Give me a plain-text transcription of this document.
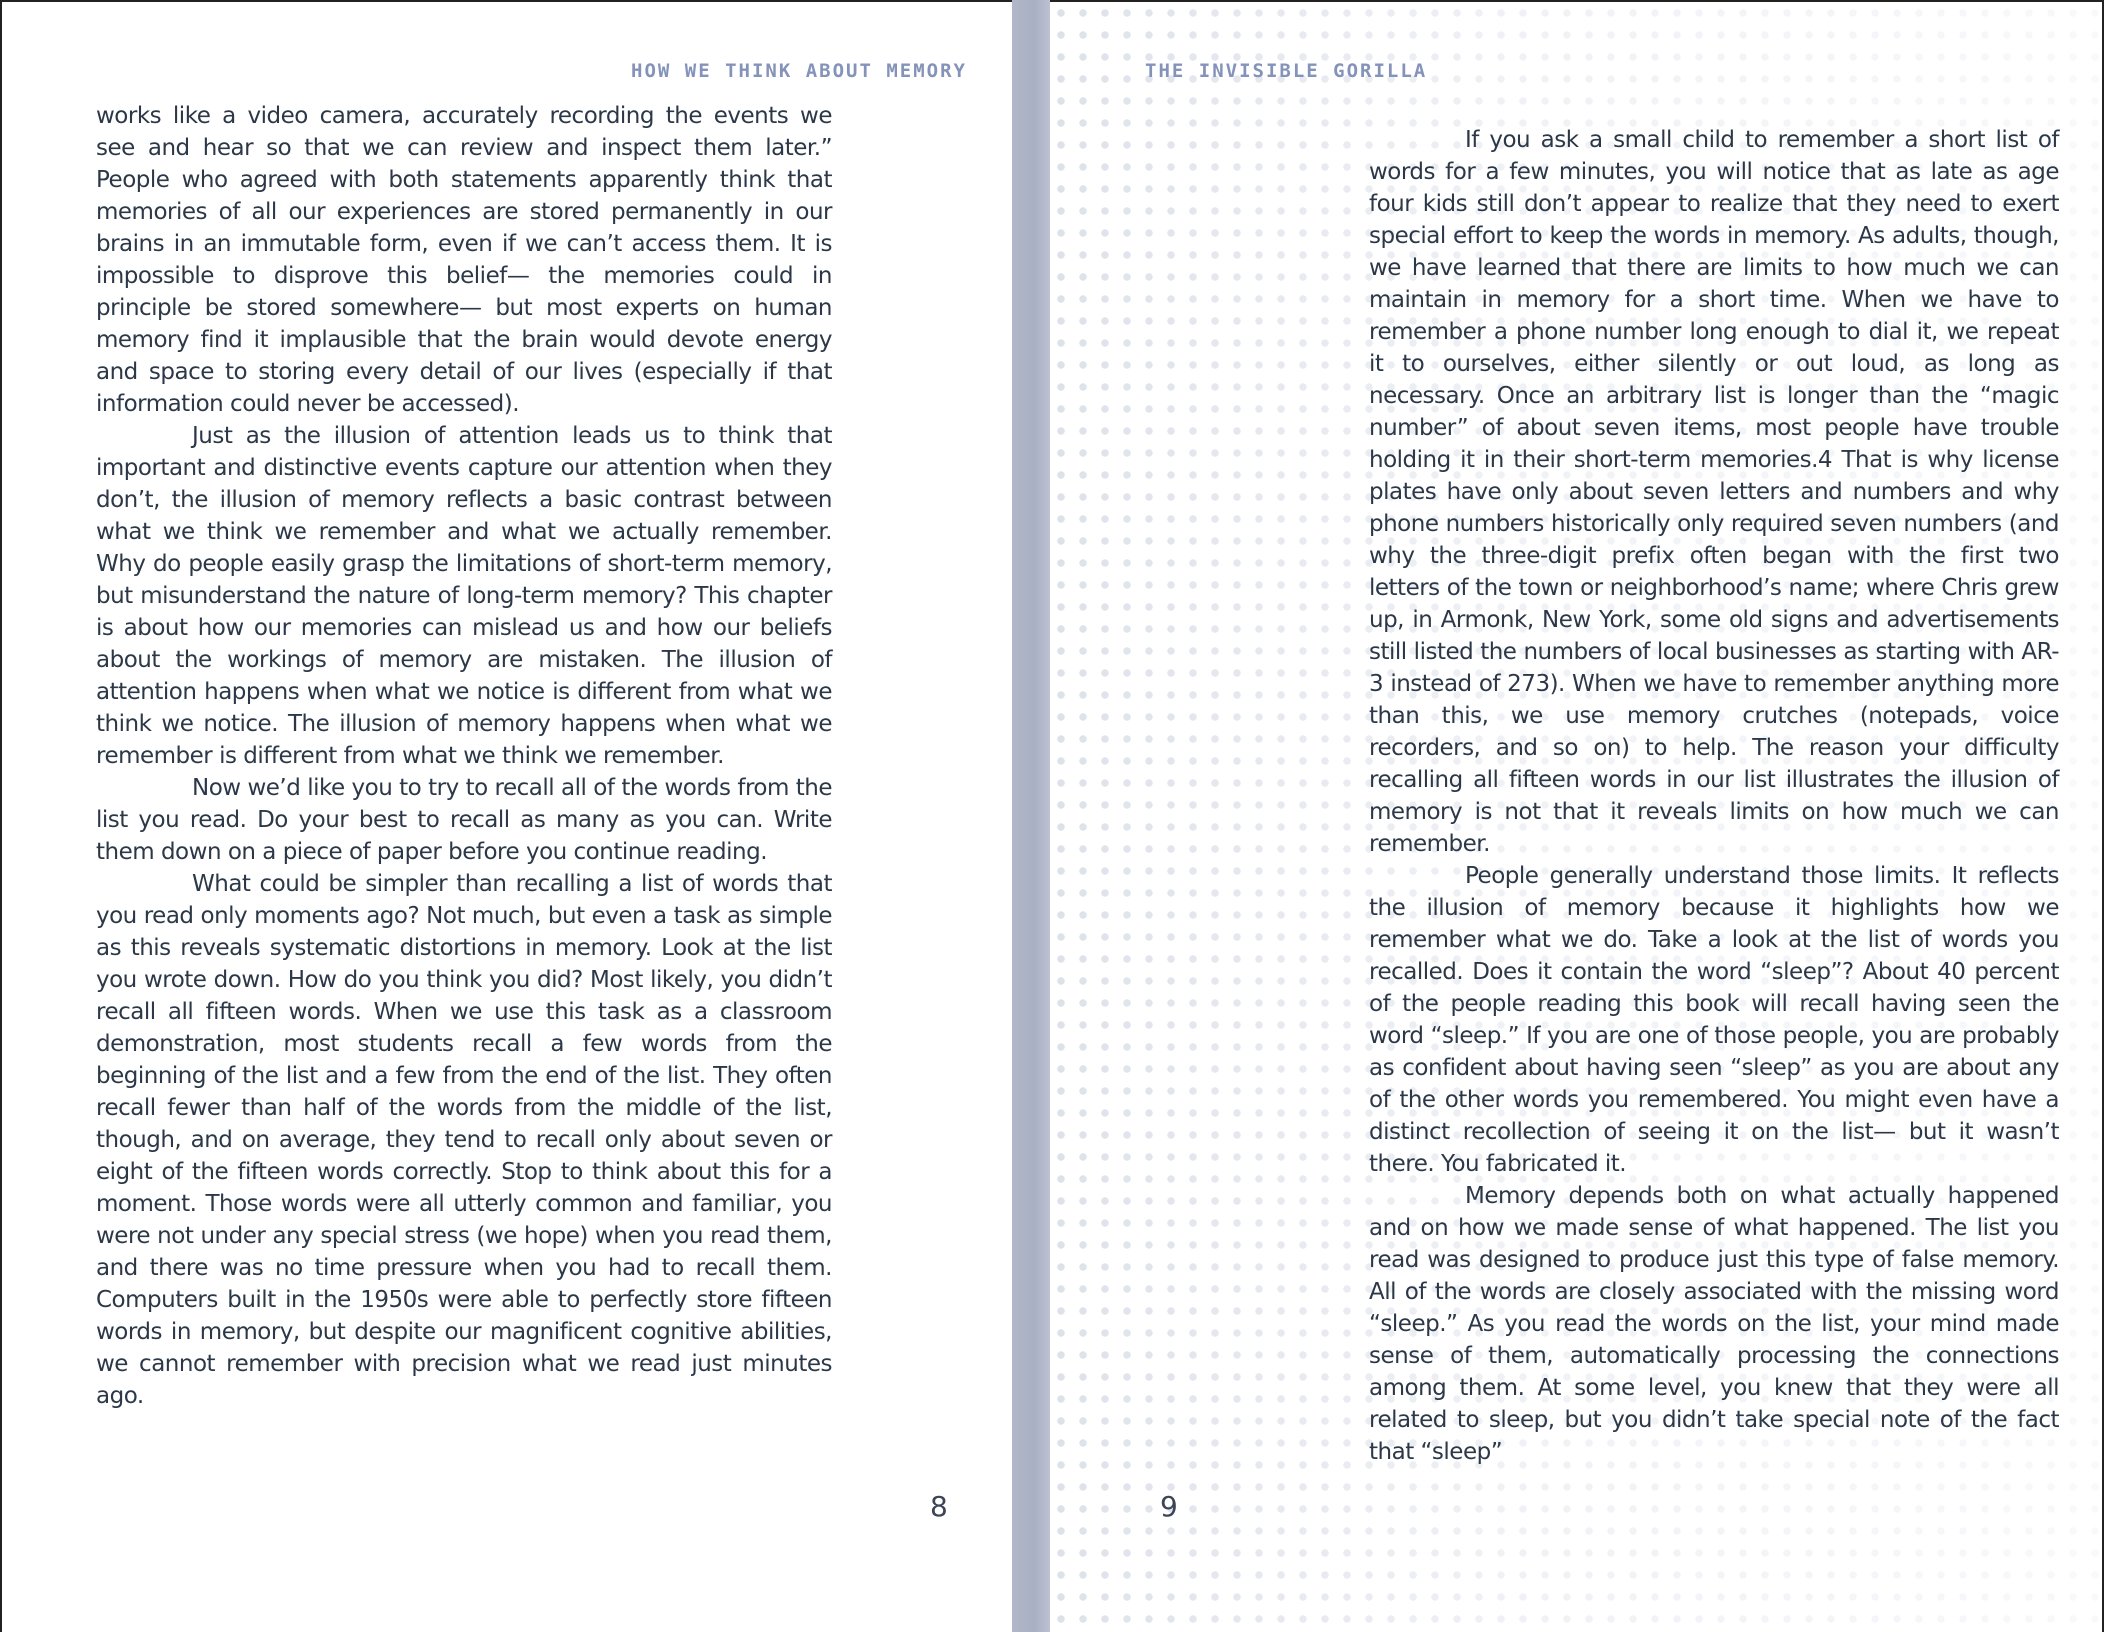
HOW WE THINK ABOUT MEMORY

works like a video camera, accurately recording the events we see and hear so that we can review and inspect them later.” People who agreed with both statements apparently think that memories of all our experiences are stored permanently in our brains in an immutable form, even if we can’t access them. It is impossible to disprove this belief— the memories could in principle be stored somewhere— but most experts on human memory find it implausible that the brain would devote energy and space to storing every detail of our lives (especially if that information could never be accessed).

Just as the illusion of attention leads us to think that important and distinctive events capture our attention when they don’t, the illusion of memory reflects a basic contrast between what we think we remember and what we actually remember. Why do people easily grasp the limitations of short-term memory, but misunderstand the nature of long-term memory? This chapter is about how our memories can mislead us and how our beliefs about the workings of memory are mistaken. The illusion of attention happens when what we notice is different from what we think we notice. The illusion of memory happens when what we remember is different from what we think we remember.

Now we’d like you to try to recall all of the words from the list you read. Do your best to recall as many as you can. Write them down on a piece of paper before you continue reading.

What could be simpler than recalling a list of words that you read only moments ago? Not much, but even a task as simple as this reveals systematic distortions in memory. Look at the list you wrote down. How do you think you did? Most likely, you didn’t recall all fifteen words. When we use this task as a classroom demonstration, most students recall a few words from the beginning of the list and a few from the end of the list. They often recall fewer than half of the words from the middle of the list, though, and on average, they tend to recall only about seven or eight of the fifteen words correctly. Stop to think about this for a moment. Those words were all utterly common and familiar, you were not under any special stress (we hope) when you read them, and there was no time pressure when you had to recall them. Computers built in the 1950s were able to perfectly store fifteen words in memory, but despite our magnificent cognitive abilities, we cannot remember with precision what we read just minutes ago.

8
THE INVISIBLE GORILLA

If you ask a small child to remember a short list of words for a few minutes, you will notice that as late as age four kids still don’t appear to realize that they need to exert special effort to keep the words in memory. As adults, though, we have learned that there are limits to how much we can maintain in memory for a short time. When we have to remember a phone number long enough to dial it, we repeat it to ourselves, either silently or out loud, as long as necessary. Once an arbitrary list is longer than the “magic number” of about seven items, most people have trouble holding it in their short-term memories.4 That is why license plates have only about seven letters and numbers and why phone numbers historically only required seven numbers (and why the three-digit prefix often began with the first two letters of the town or neighborhood’s name; where Chris grew up, in Armonk, New York, some old signs and advertisements still listed the numbers of local businesses as starting with AR- 3 instead of 273). When we have to remember anything more than this, we use memory crutches (notepads, voice recorders, and so on) to help. The reason your difficulty recalling all fifteen words in our list illustrates the illusion of memory is not that it reveals limits on how much we can remember.

People generally understand those limits. It reflects the illusion of memory because it highlights how we remember what we do. Take a look at the list of words you recalled. Does it contain the word “sleep”? About 40 percent of the people reading this book will recall having seen the word “sleep.” If you are one of those people, you are probably as confident about having seen “sleep” as you are about any of the other words you remembered. You might even have a distinct recollection of seeing it on the list— but it wasn’t there. You fabricated it.

Memory depends both on what actually happened and on how we made sense of what happened. The list you read was designed to produce just this type of false memory. All of the words are closely associated with the missing word “sleep.” As you read the words on the list, your mind made sense of them, automatically processing the connections among them. At some level, you knew that they were all related to sleep, but you didn’t take special note of the fact that “sleep”

9
